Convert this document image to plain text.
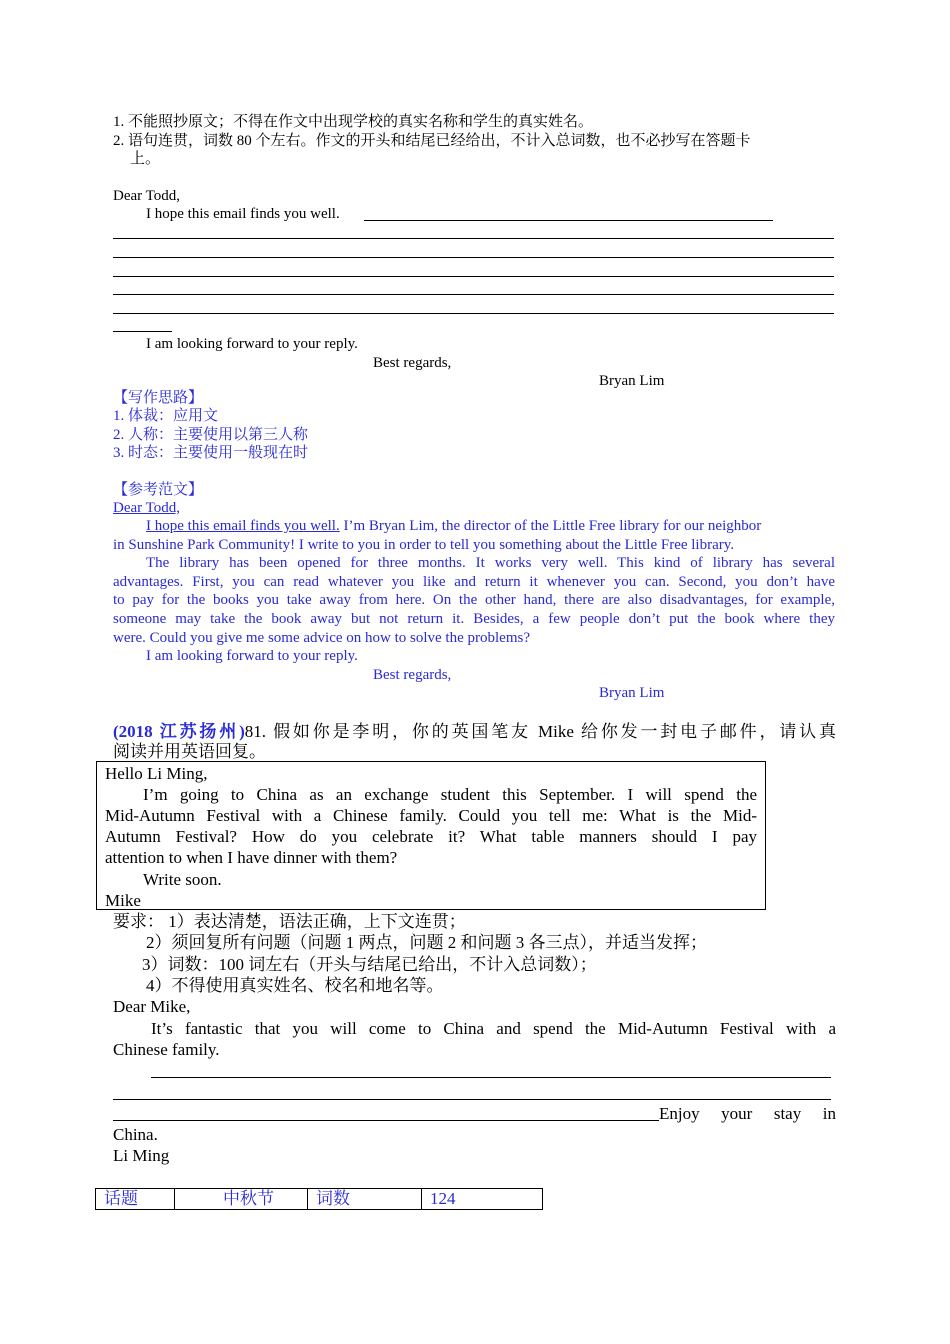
1. 不能照抄原文；不得在作文中出现学校的真实名称和学生的真实姓名。
2. 语句连贯，词数 80 个左右。作文的开头和结尾已经给出，不计入总词数，也不必抄写在答题卡
上。
Dear Todd,
I hope this email finds you well.
I am looking forward to your reply.
Best regards,
Bryan Lim
【写作思路】
1. 体裁：应用文
2. 人称：主要使用以第三人称
3. 时态：主要使用一般现在时
【参考范文】
Dear Todd,
I hope this email finds you well. I’m Bryan Lim, the director of the Little Free library for our neighbor
in Sunshine Park Community! I write to you in order to tell you something about the Little Free library.
The library has been opened for three months. It works very well. This kind of library has several
advantages. First, you can read whatever you like and return it whenever you can. Second, you don’t have
to pay for the books you take away from here. On the other hand, there are also disadvantages, for example,
someone may take the book away but not return it. Besides, a few people don’t put the book where they
were. Could you give me some advice on how to solve the problems?
I am looking forward to your reply.
Best regards,
Bryan Lim
(2018 江苏扬州)81. 假如你是李明，你的英国笔友 Mike 给你发一封电子邮件，请认真
阅读并用英语回复。
Hello Li Ming,
I’m going to China as an exchange student this September. I will spend the
Mid-Autumn Festival with a Chinese family. Could you tell me: What is the Mid-
Autumn Festival? How do you celebrate it? What table manners should I pay
attention to when I have dinner with them?
Write soon.
Mike
要求： 1）表达清楚，语法正确，上下文连贯；
2）须回复所有问题（问题 1 两点，问题 2 和问题 3 各三点），并适当发挥；
3）词数：100 词左右（开头与结尾已给出，不计入总词数）；
4）不得使用真实姓名、校名和地名等。
Dear Mike,
It’s fantastic that you will come to China and spend the Mid-Autumn Festival with a
Chinese family.
Enjoy your stay in
China.
Li Ming
话题	中秋节	词数	124
